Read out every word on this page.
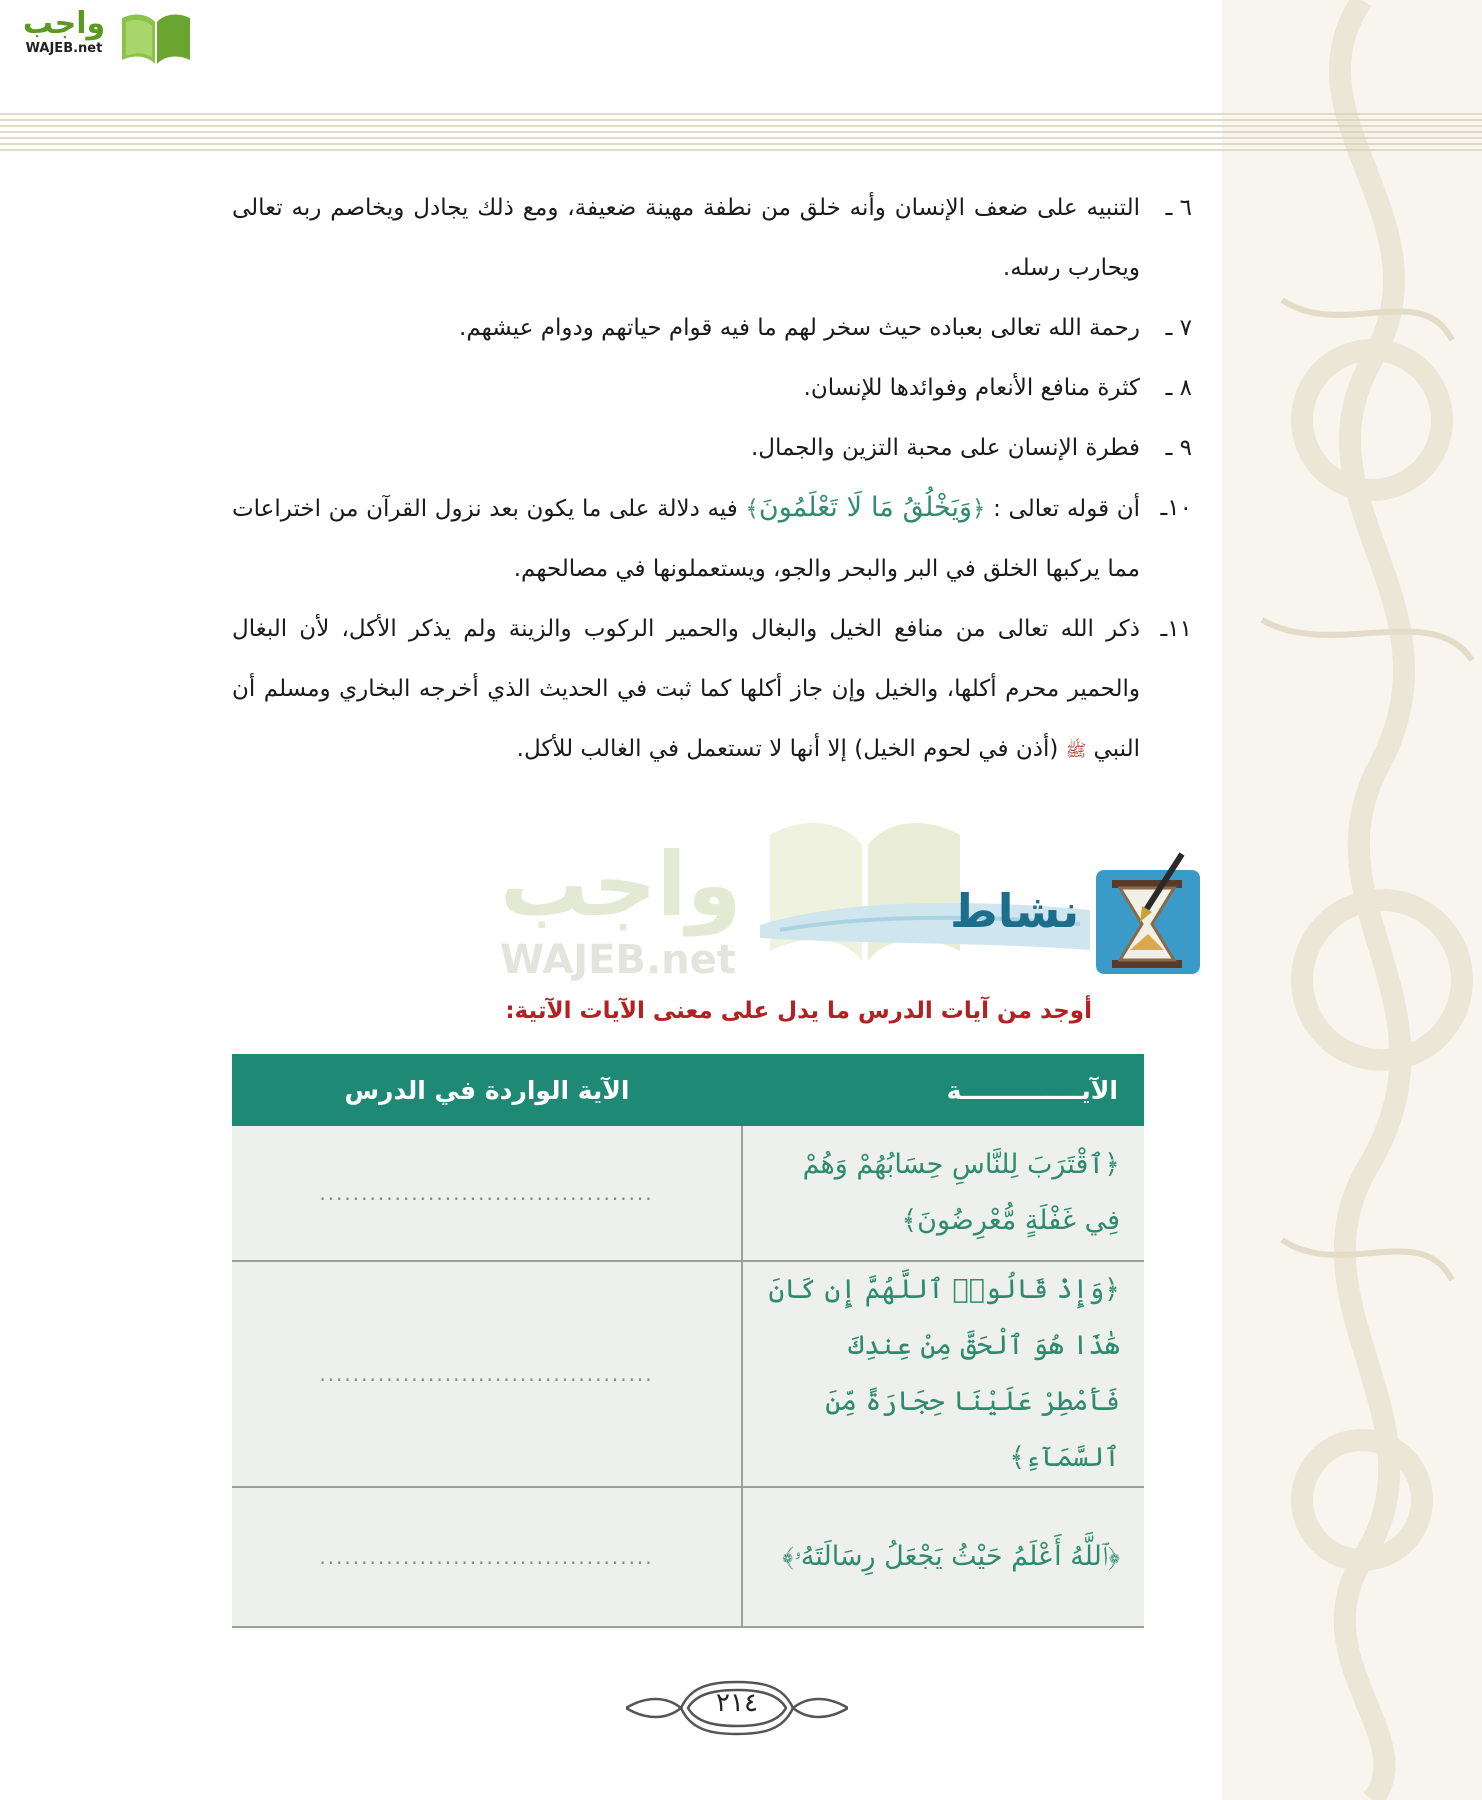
واجب
WAJEB.net
٦ ـ
التنبيه على ضعف الإنسان وأنه خلق من نطفة مهينة ضعيفة، ومع ذلك يجادل ويخاصم ربه تعالى ويحارب رسله.
٧ ـ
رحمة الله تعالى بعباده حيث سخر لهم ما فيه قوام حياتهم ودوام عيشهم.
٨ ـ
كثرة منافع الأنعام وفوائدها للإنسان.
٩ ـ
فطرة الإنسان على محبة التزين والجمال.
١٠ـ
أن قوله تعالى : ﴿وَيَخْلُقُ مَا لَا تَعْلَمُونَ﴾ فيه دلالة على ما يكون بعد نزول القرآن من اختراعات مما يركبها الخلق في البر والبحر والجو، ويستعملونها في مصالحهم.
١١ـ
ذكر الله تعالى من منافع الخيل والبغال والحمير الركوب والزينة ولم يذكر الأكل، لأن البغال والحمير محرم أكلها، والخيل وإن جاز أكلها كما ثبت في الحديث الذي أخرجه البخاري ومسلم أن النبي ﷺ (أذن في لحوم الخيل) إلا أنها لا تستعمل في الغالب للأكل.
واجب
WAJEB.net
نشاط
أوجد من آيات الدرس ما يدل على معنى الآيات الآتية:
الآيــــــــــــــة	الآية الواردة في الدرس
﴿ٱقْتَرَبَ لِلنَّاسِ حِسَابُهُمْ وَهُمْ فِي غَفْلَةٍ مُّعْرِضُونَ﴾	........................................
﴿وَإِذْ قَالُوا۟ ٱللَّهُمَّ إِن كَانَ هَٰذَا هُوَ ٱلْحَقَّ مِنْ عِندِكَ فَأَمْطِرْ عَلَيْنَا حِجَارَةً مِّنَ ٱلسَّمَآءِ﴾	........................................
﴿ٱللَّهُ أَعْلَمُ حَيْثُ يَجْعَلُ رِسَالَتَهُۥ﴾	........................................
٢١٤
